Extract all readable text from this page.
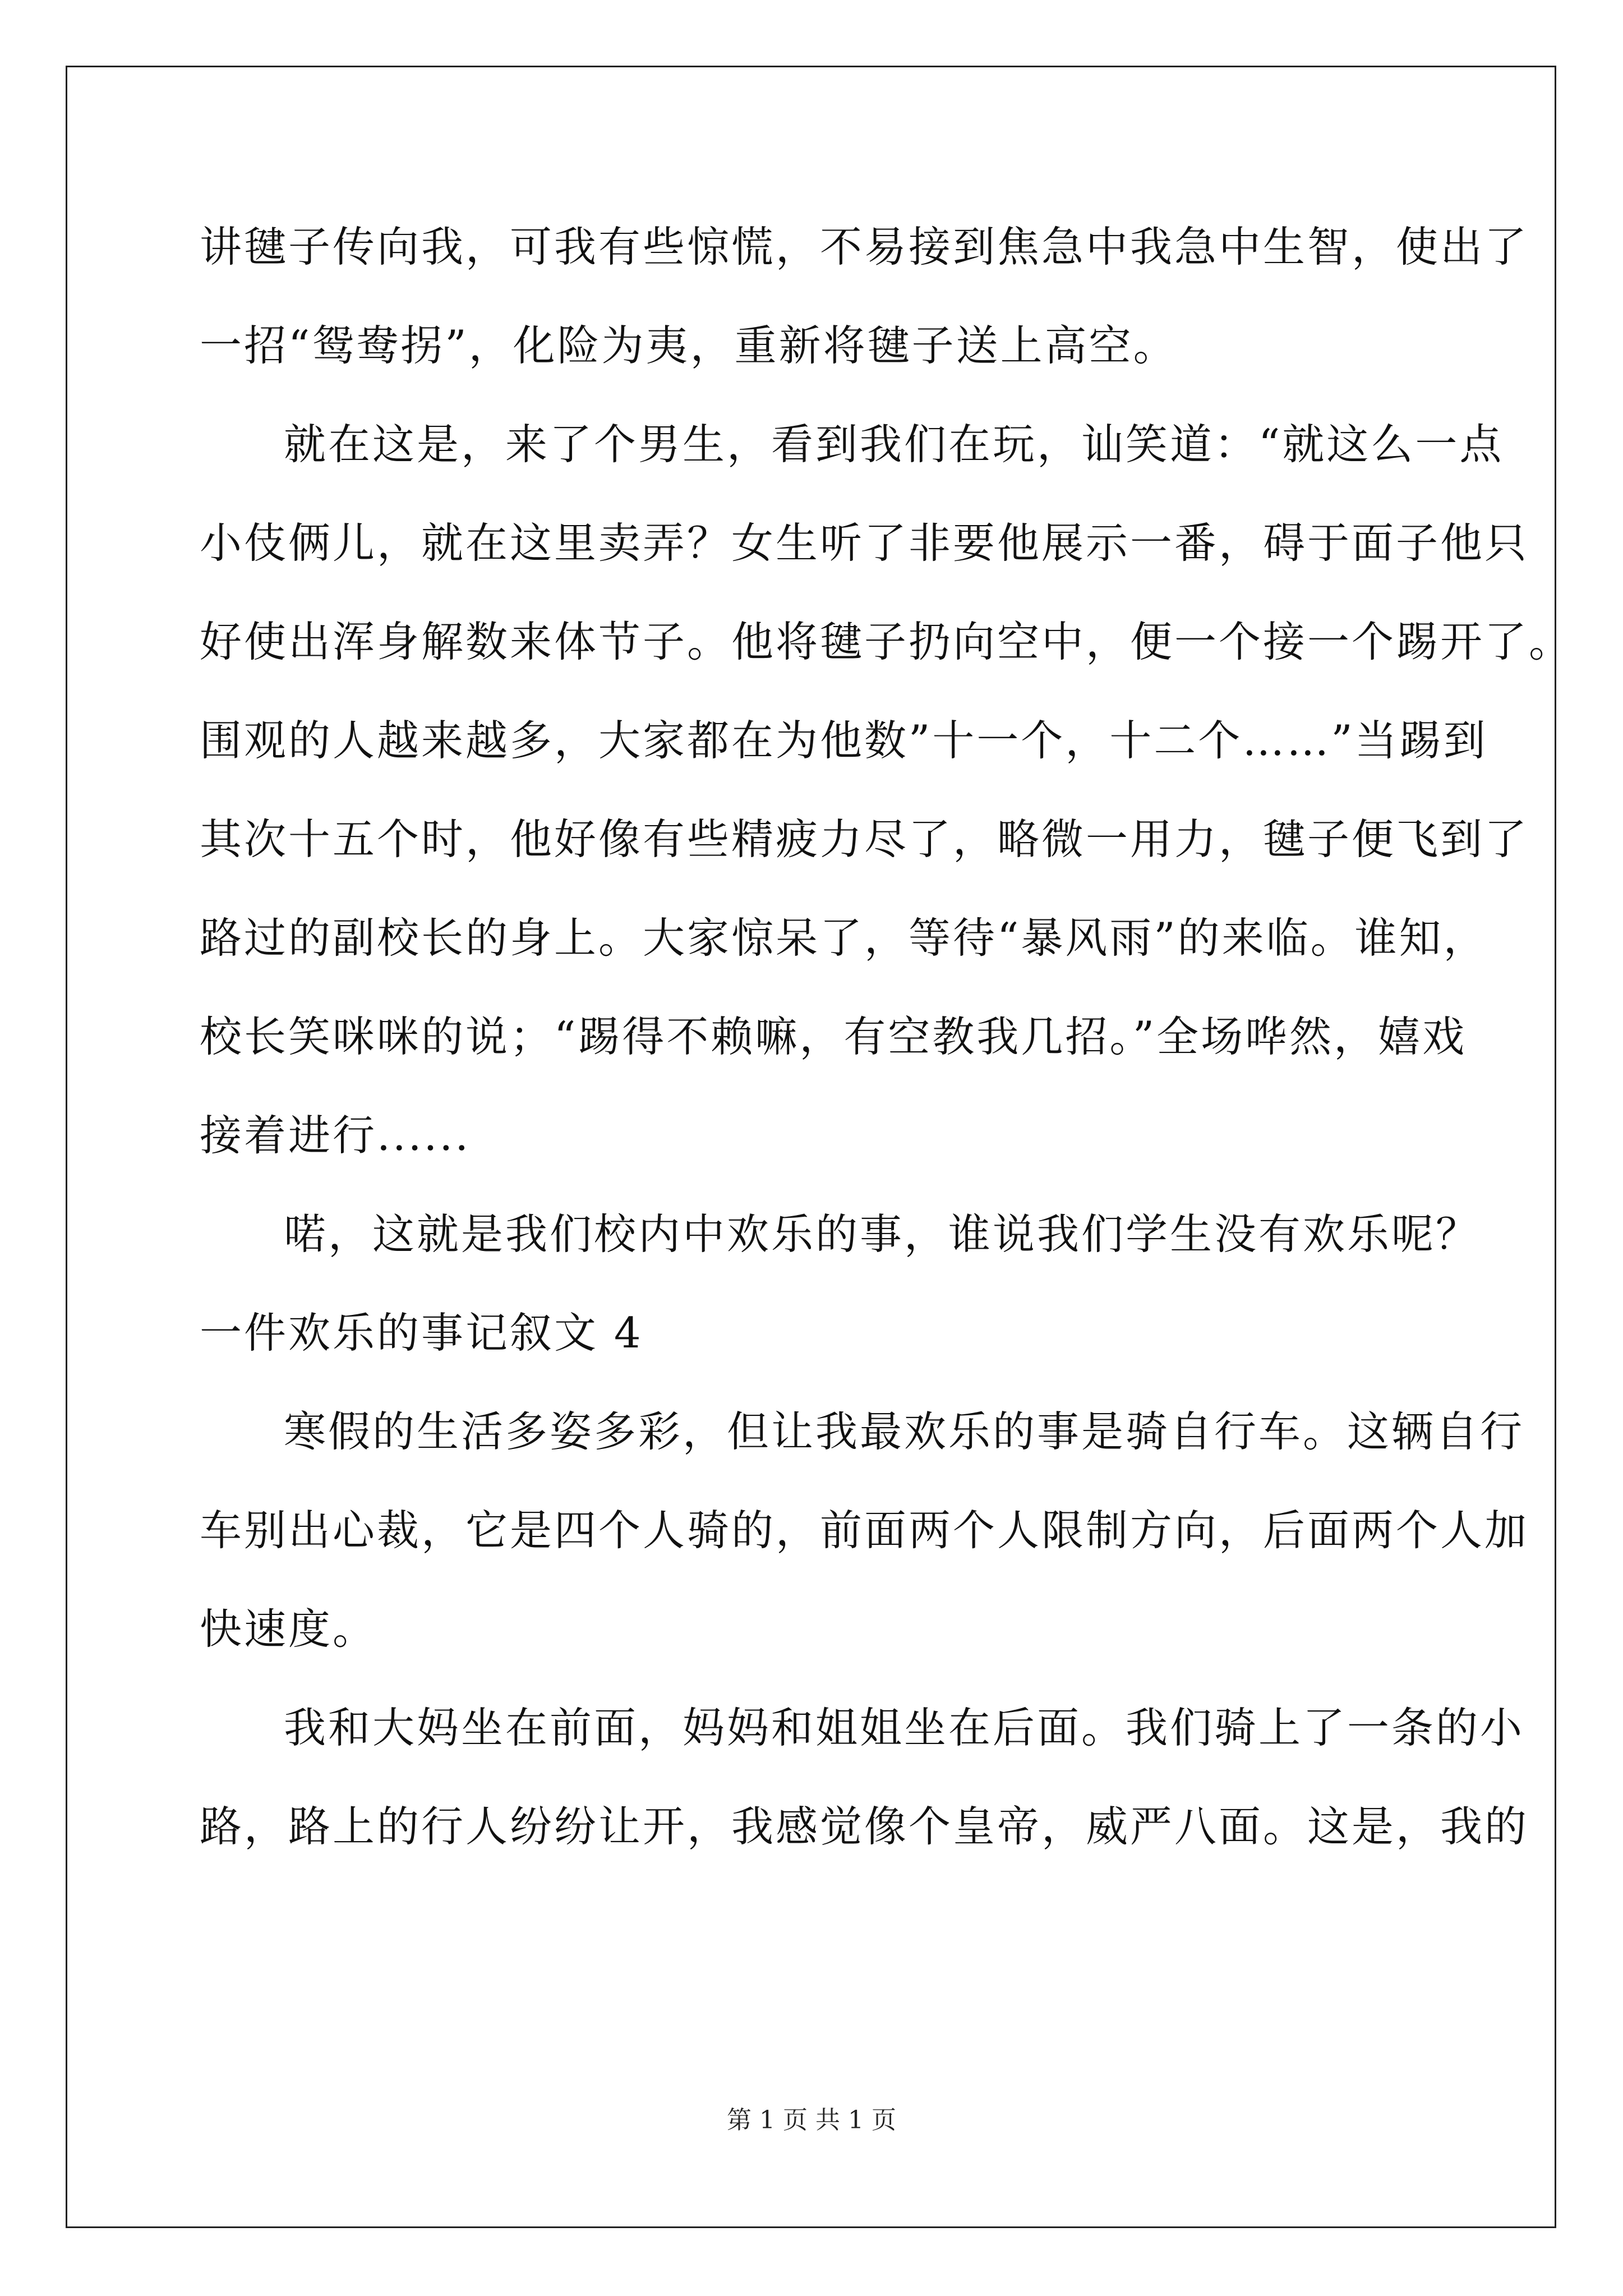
讲毽子传向我，可我有些惊慌，不易接到焦急中我急中生智，使出了
一招“鸳鸯拐”，化险为夷，重新将毽子送上高空。
就在这是，来了个男生，看到我们在玩，讪笑道：“就这么一点
小伎俩儿，就在这里卖弄？女生听了非要他展示一番，碍于面子他只
好使出浑身解数来体节子。他将毽子扔向空中，便一个接一个踢开了。
围观的人越来越多，大家都在为他数”十一个，十二个……”当踢到
其次十五个时，他好像有些精疲力尽了，略微一用力，毽子便飞到了
路过的副校长的身上。大家惊呆了，等待“暴风雨”的来临。谁知，
校长笑咪咪的说；“踢得不赖嘛，有空教我几招。”全场哗然，嬉戏
接着进行......
喏，这就是我们校内中欢乐的事，谁说我们学生没有欢乐呢？
一件欢乐的事记叙文 4
寒假的生活多姿多彩，但让我最欢乐的事是骑自行车。这辆自行
车别出心裁，它是四个人骑的，前面两个人限制方向，后面两个人加
快速度。
我和大妈坐在前面，妈妈和姐姐坐在后面。我们骑上了一条的小
路，路上的行人纷纷让开，我感觉像个皇帝，威严八面。这是，我的
第 1 页 共 1 页
